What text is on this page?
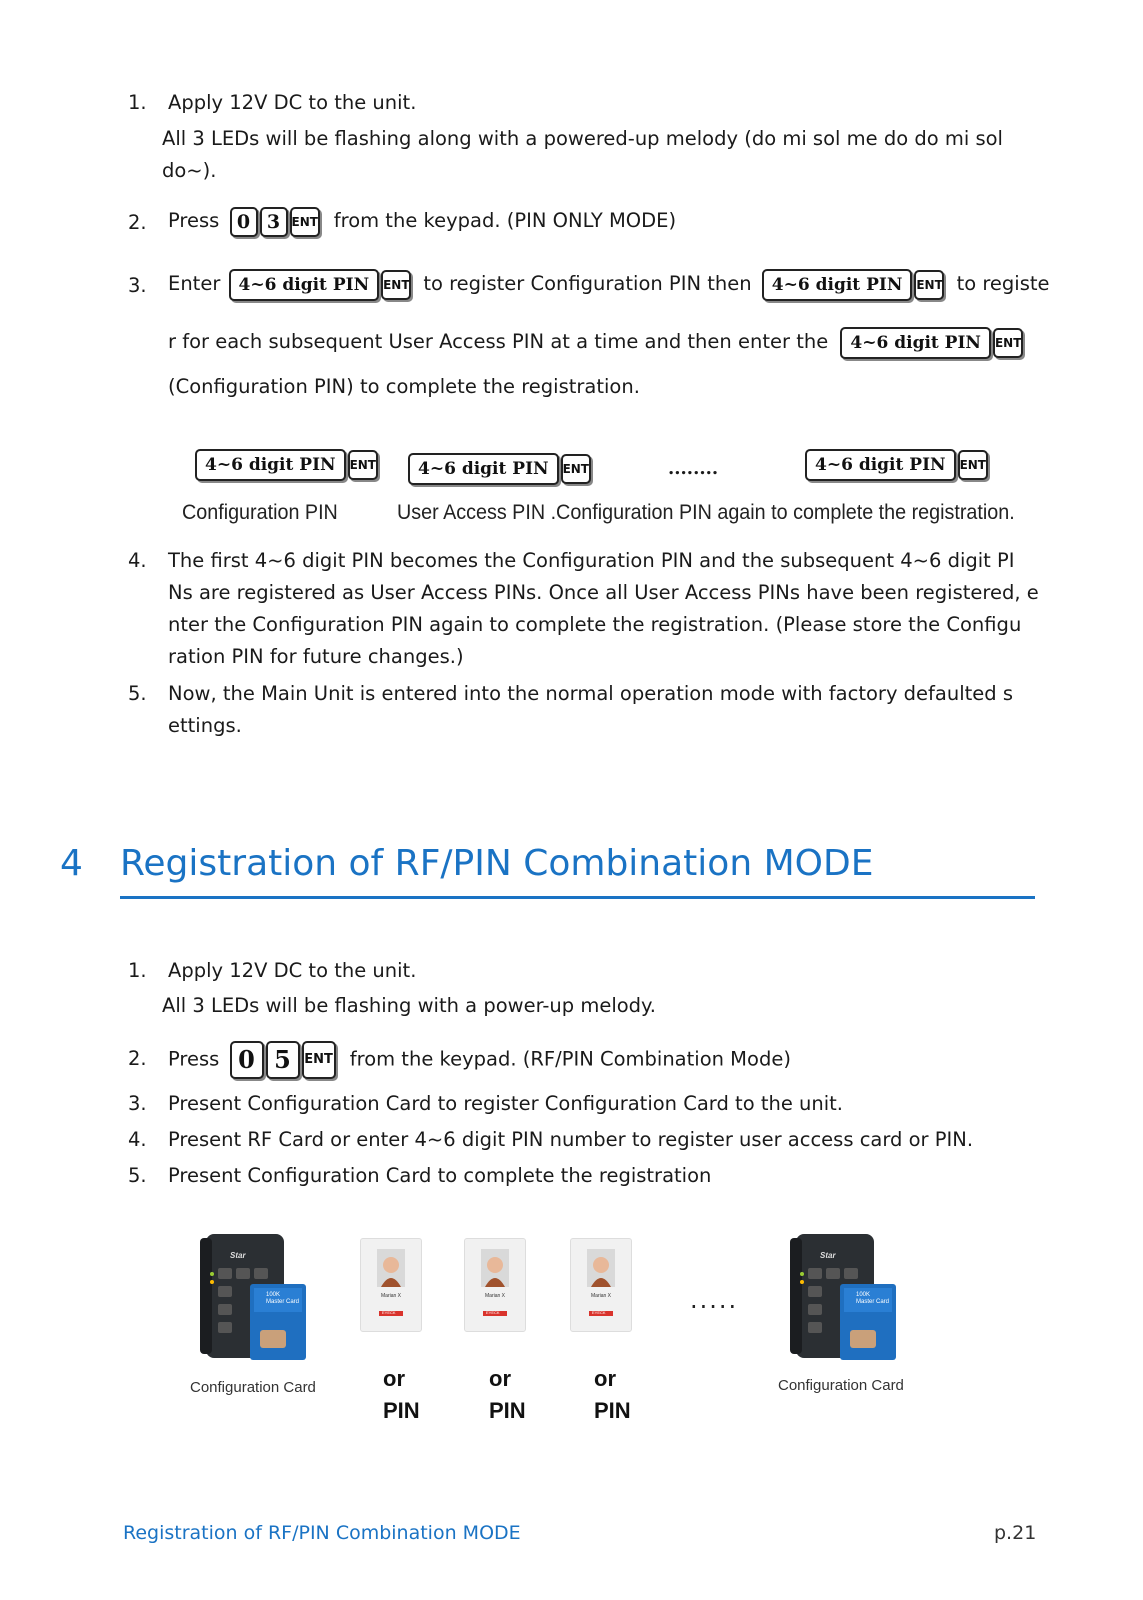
1. Apply 12V DC to the unit.
All 3 LEDs will be flashing along with a powered-up melody (do mi sol me do do mi sol
do~).
2. Press 0 3 ENT from the keypad. (PIN ONLY MODE)
3. Enter	4~6 digit PIN	ENT to register Configuration PIN then	4~6 digit PIN	ENT to registe
r for each subsequent User Access PIN at a time and then enter the	4~6 digit PIN	ENT
(Configuration PIN) to complete the registration.
4~6 digit PIN	ENT	4~6 digit PIN	ENT	........	4~6 digit PIN	ENT
Configuration PIN	User Access PIN .Configuration PIN again to complete the registration.
4. The first 4~6 digit PIN becomes the Configuration PIN and the subsequent 4~6 digit PI
Ns are registered as User Access PINs. Once all User Access PINs have been registered, e
nter the Configuration PIN again to complete the registration. (Please store the Configu
ration PIN for future changes.)
5. Now, the Main Unit is entered into the normal operation mode with factory defaulted s
ettings.
4 Registration of RF/PIN Combination MODE
1. Apply 12V DC to the unit.
All 3 LEDs will be flashing with a power-up melody.
2. Press 0 5	ENT from the keypad. (RF/PIN Combination Mode)
3. Present Configuration Card to register Configuration Card to the unit.
4. Present RF Card or enter 4~6 digit PIN number to register user access card or PIN.
5. Present Configuration Card to complete the registration
Star
100K Master Card
EYECK
Configuration Card
Marian X
EYECK
Marian X
EYECK
Marian X
EYECK
or
PIN
or
PIN
or
PIN
.....
Star
100K Master Card
EYECK
Configuration Card
Registration of RF/PIN Combination MODE	p.21
